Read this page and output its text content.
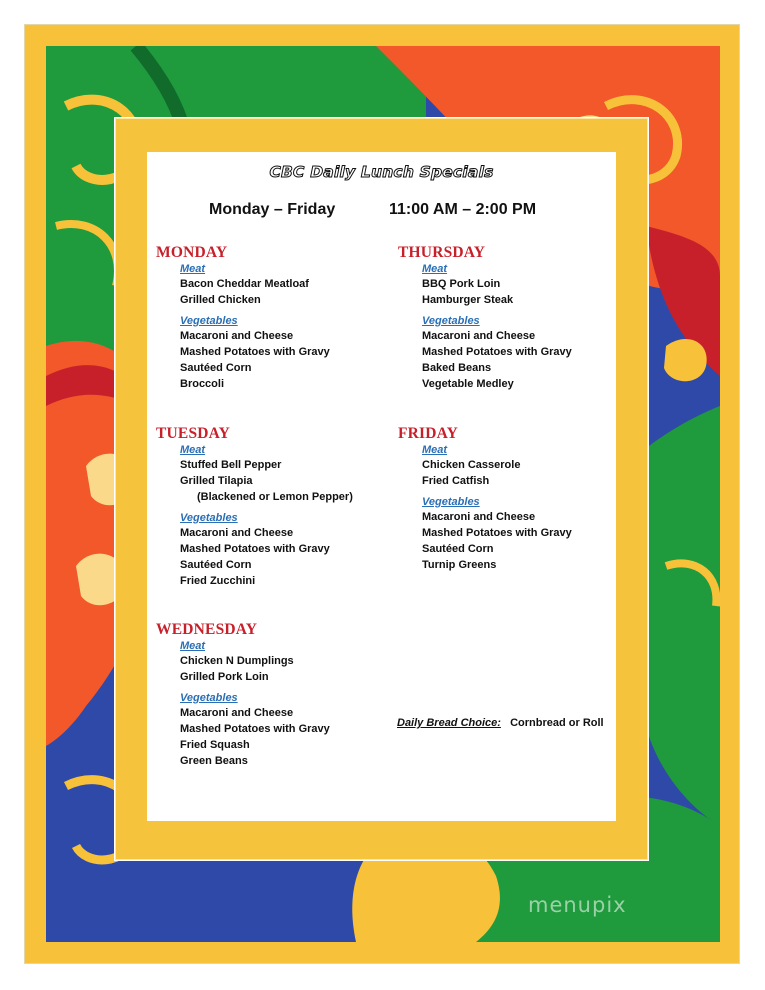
CBC Daily Lunch Specials
Monday – Friday	11:00 AM – 2:00 PM
MONDAY
Meat
Bacon Cheddar Meatloaf
Grilled Chicken
Vegetables
Macaroni and Cheese
Mashed Potatoes with Gravy
Sautéed Corn
Broccoli
TUESDAY
Meat
Stuffed Bell Pepper
Grilled Tilapia
(Blackened or Lemon Pepper)
Vegetables
Macaroni and Cheese
Mashed Potatoes with Gravy
Sautéed Corn
Fried Zucchini
WEDNESDAY
Meat
Chicken N Dumplings
Grilled Pork Loin
Vegetables
Macaroni and Cheese
Mashed Potatoes with Gravy
Fried Squash
Green Beans
THURSDAY
Meat
BBQ Pork Loin
Hamburger Steak
Vegetables
Macaroni and Cheese
Mashed Potatoes with Gravy
Baked Beans
Vegetable Medley
FRIDAY
Meat
Chicken Casserole
Fried Catfish
Vegetables
Macaroni and Cheese
Mashed Potatoes with Gravy
Sautéed Corn
Turnip Greens
Daily Bread Choice: Cornbread or Roll
menupix
